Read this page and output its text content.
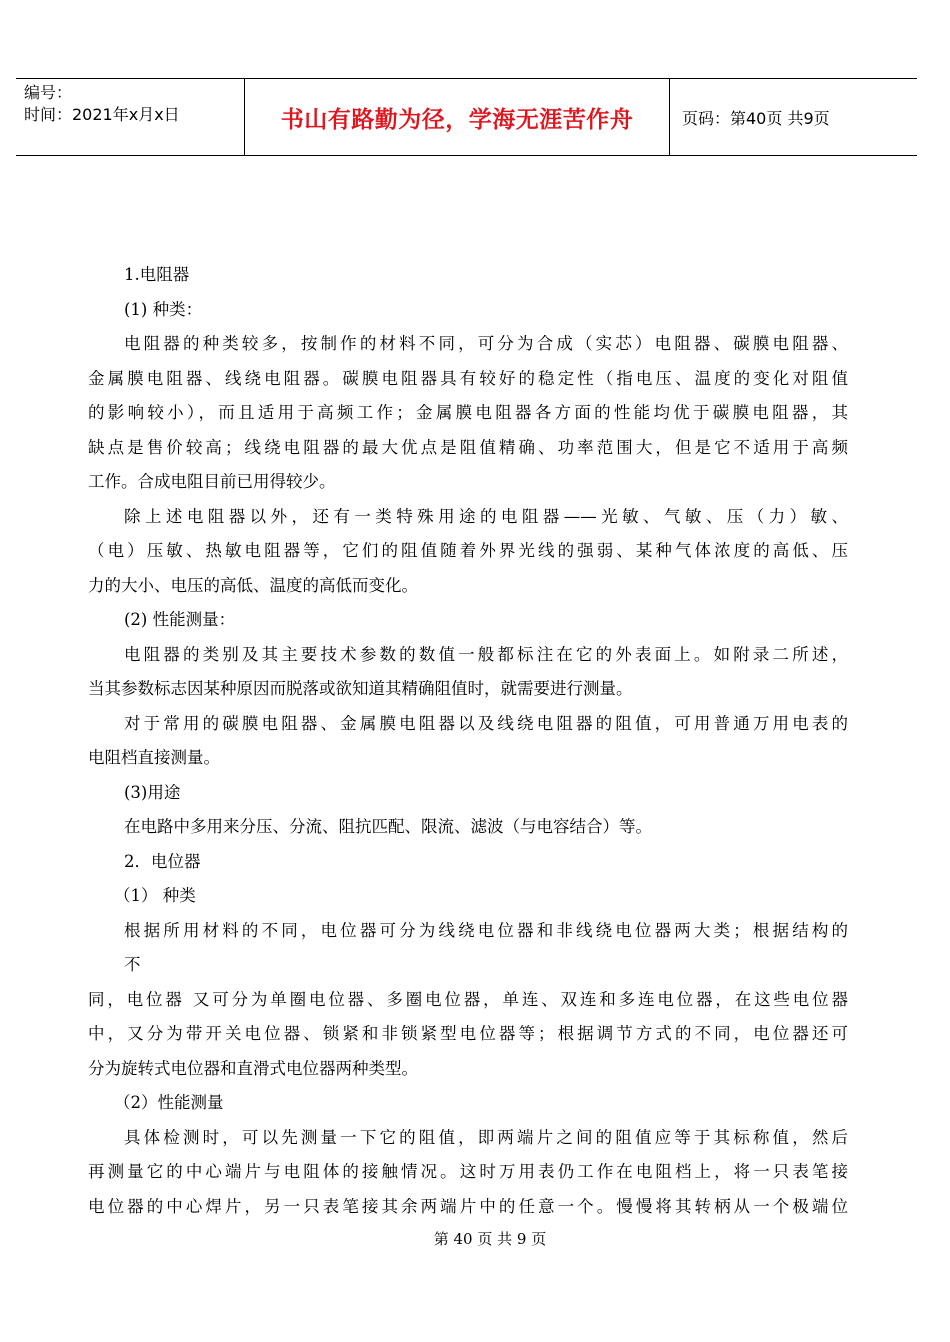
编号：
时间：2021年x月x日	书山有路勤为径，学海无涯苦作舟	页码：第40页 共9页
1.电阻器
(1) 种类：
电阻器的种类较多，按制作的材料不同，可分为合成（实芯）电阻器、碳膜电阻器、
金属膜电阻器、线绕电阻器。碳膜电阻器具有较好的稳定性（指电压、温度的变化对阻值
的影响较小），而且适用于高频工作；金属膜电阻器各方面的性能均优于碳膜电阻器，其
缺点是售价较高；线绕电阻器的最大优点是阻值精确、功率范围大，但是它不适用于高频
工作。合成电阻目前已用得较少。
除上述电阻器以外，还有一类特殊用途的电阻器——光敏、气敏、压（力）敏、
（电）压敏、热敏电阻器等，它们的阻值随着外界光线的强弱、某种气体浓度的高低、压
力的大小、电压的高低、温度的高低而变化。
(2) 性能测量：
电阻器的类别及其主要技术参数的数值一般都标注在它的外表面上。如附录二所述，
当其参数标志因某种原因而脱落或欲知道其精确阻值时，就需要进行测量。
对于常用的碳膜电阻器、金属膜电阻器以及线绕电阻器的阻值，可用普通万用电表的
电阻档直接测量。
(3)用途
在电路中多用来分压、分流、阻抗匹配、限流、滤波（与电容结合）等。
2．电位器
（1） 种类
根据所用材料的不同，电位器可分为线绕电位器和非线绕电位器两大类；根据结构的
不
同，电位器 又可分为单圈电位器、多圈电位器，单连、双连和多连电位器，在这些电位器
中，又分为带开关电位器、锁紧和非锁紧型电位器等；根据调节方式的不同，电位器还可
分为旋转式电位器和直滑式电位器两种类型。
（2）性能测量
具体检测时，可以先测量一下它的阻值，即两端片之间的阻值应等于其标称值，然后
再测量它的中心端片与电阻体的接触情况。这时万用表仍工作在电阻档上，将一只表笔接
电位器的中心焊片，另一只表笔接其余两端片中的任意一个。慢慢将其转柄从一个极端位
第 40 页 共 9 页
